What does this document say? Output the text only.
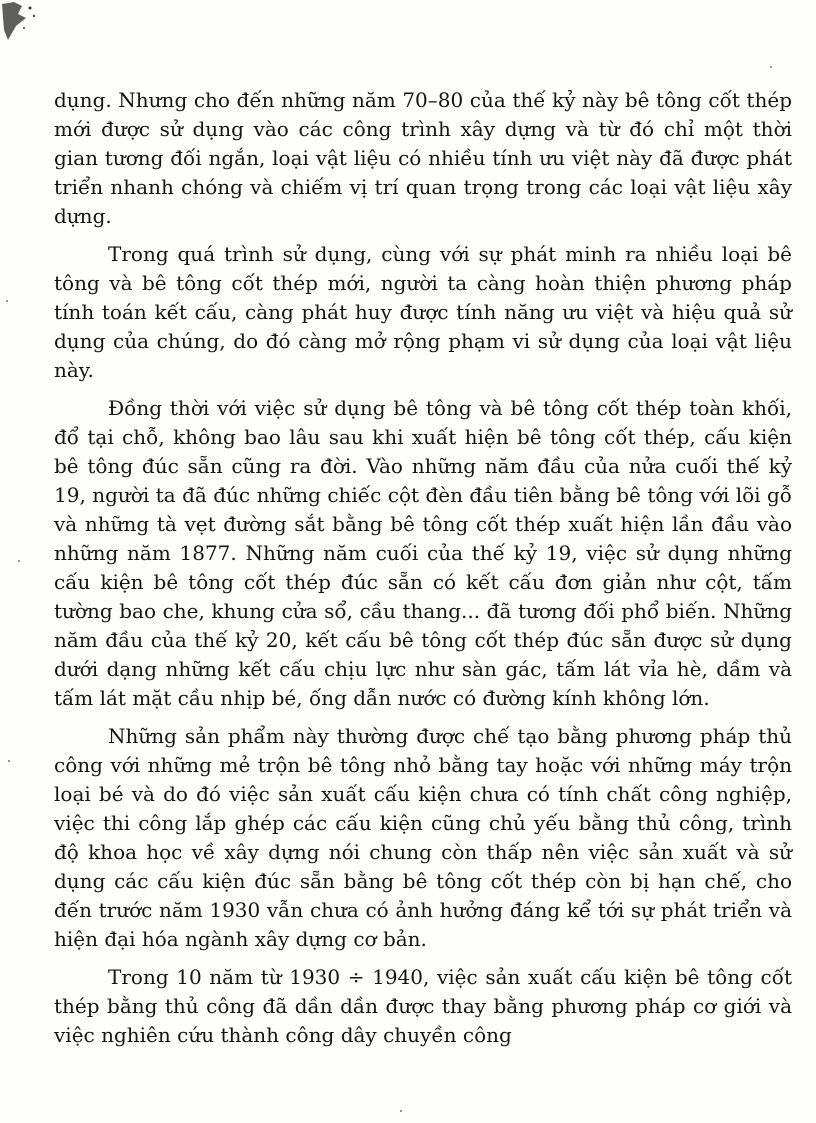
dụng. Nhưng cho đến những năm 70–80 của thế kỷ này bê tông cốt thép mới được sử dụng vào các công trình xây dựng và từ đó chỉ một thời gian tương đối ngắn, loại vật liệu có nhiều tính ưu việt này đã được phát triển nhanh chóng và chiếm vị trí quan trọng trong các loại vật liệu xây dựng.

Trong quá trình sử dụng, cùng với sự phát minh ra nhiều loại bê tông và bê tông cốt thép mới, người ta càng hoàn thiện phương pháp tính toán kết cấu, càng phát huy được tính năng ưu việt và hiệu quả sử dụng của chúng, do đó càng mở rộng phạm vi sử dụng của loại vật liệu này.

Đồng thời với việc sử dụng bê tông và bê tông cốt thép toàn khối, đổ tại chỗ, không bao lâu sau khi xuất hiện bê tông cốt thép, cấu kiện bê tông đúc sẵn cũng ra đời. Vào những năm đầu của nửa cuối thế kỷ 19, người ta đã đúc những chiếc cột đèn đầu tiên bằng bê tông với lõi gỗ và những tà vẹt đường sắt bằng bê tông cốt thép xuất hiện lần đầu vào những năm 1877. Những năm cuối của thế kỷ 19, việc sử dụng những cấu kiện bê tông cốt thép đúc sẵn có kết cấu đơn giản như cột, tấm tường bao che, khung cửa sổ, cầu thang... đã tương đối phổ biến. Những năm đầu của thế kỷ 20, kết cấu bê tông cốt thép đúc sẵn được sử dụng dưới dạng những kết cấu chịu lực như sàn gác, tấm lát vỉa hè, dầm và tấm lát mặt cầu nhịp bé, ống dẫn nước có đường kính không lớn.

Những sản phẩm này thường được chế tạo bằng phương pháp thủ công với những mẻ trộn bê tông nhỏ bằng tay hoặc với những máy trộn loại bé và do đó việc sản xuất cấu kiện chưa có tính chất công nghiệp, việc thi công lắp ghép các cấu kiện cũng chủ yếu bằng thủ công, trình độ khoa học về xây dựng nói chung còn thấp nên việc sản xuất và sử dụng các cấu kiện đúc sẵn bằng bê tông cốt thép còn bị hạn chế, cho đến trước năm 1930 vẫn chưa có ảnh hưởng đáng kể tới sự phát triển và hiện đại hóa ngành xây dựng cơ bản.

Trong 10 năm từ 1930 ÷ 1940, việc sản xuất cấu kiện bê tông cốt thép bằng thủ công đã dần dần được thay bằng phương pháp cơ giới và việc nghiên cứu thành công dây chuyền công
